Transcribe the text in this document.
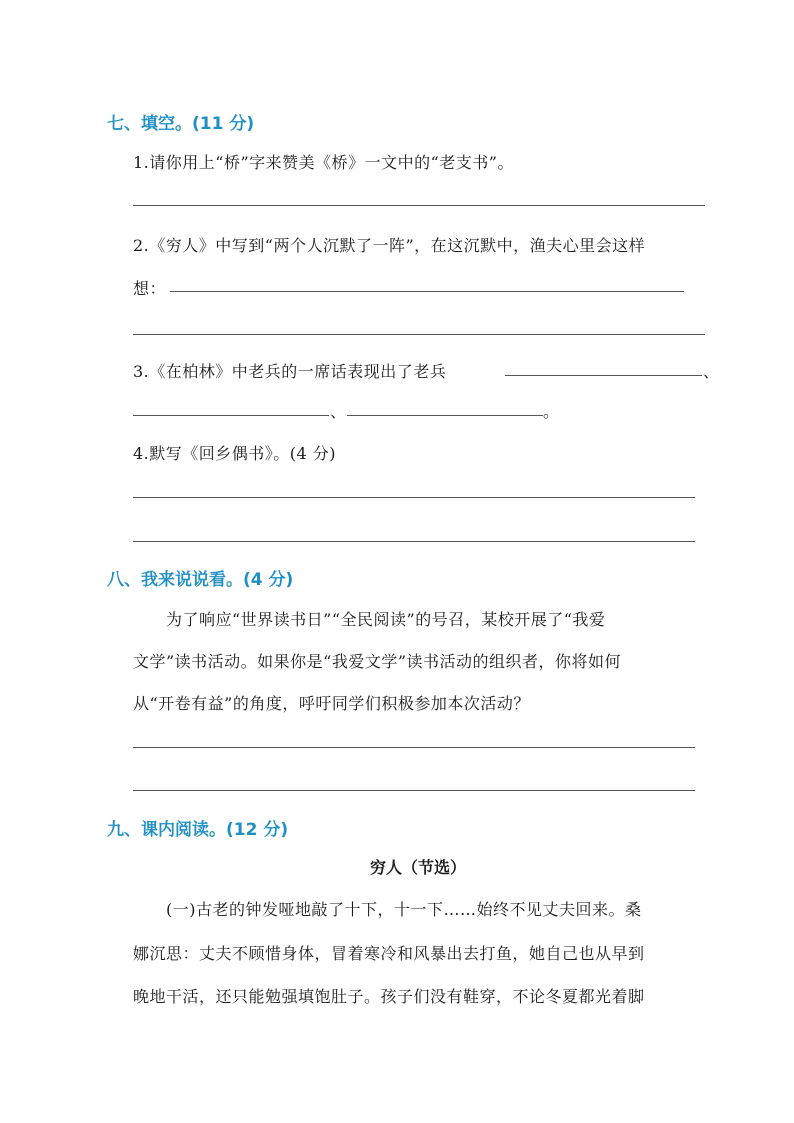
七、填空。(11 分)
1.请你用上“桥”字来赞美《桥》一文中的“老支书”。
2.《穷人》中写到“两个人沉默了一阵”，在这沉默中，渔夫心里会这样
想：
3.《在柏林》中老兵的一席话表现出了老兵	、
、	。
4.默写《回乡偶书》。(4 分)
八、我来说说看。(4 分)
为了响应“世界读书日”“全民阅读”的号召，某校开展了“我爱
文学”读书活动。如果你是“我爱文学”读书活动的组织者，你将如何
从“开卷有益”的角度，呼吁同学们积极参加本次活动？
九、课内阅读。(12 分)
穷人（节选）
(一)古老的钟发哑地敲了十下，十一下……始终不见丈夫回来。桑
娜沉思：丈夫不顾惜身体，冒着寒冷和风暴出去打鱼，她自己也从早到
晚地干活，还只能勉强填饱肚子。孩子们没有鞋穿，不论冬夏都光着脚
